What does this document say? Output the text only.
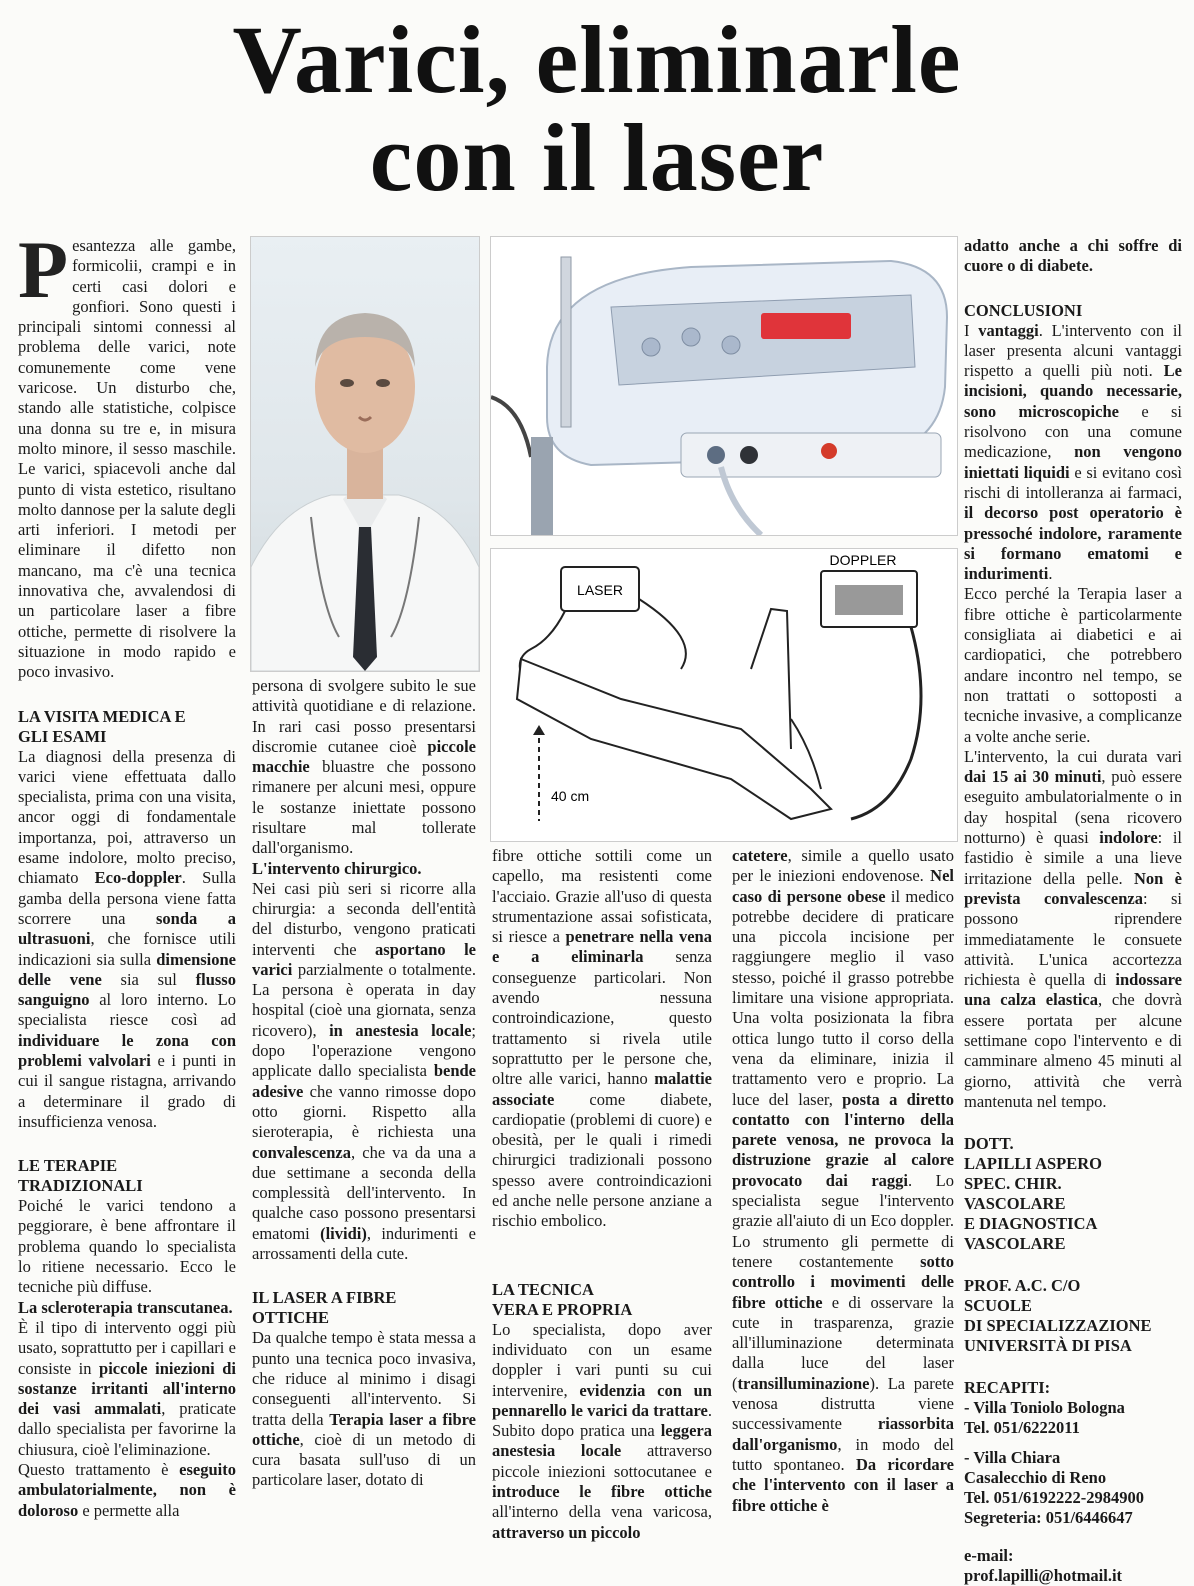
Varici, eliminarle
con il laser

Pesantezza alle gambe, formicolii, crampi e in certi casi dolori e gonfiori. Sono questi i principali sintomi connessi al problema delle varici, note comunemente come vene varicose. Un disturbo che, stando alle statistiche, colpisce una donna su tre e, in misura molto minore, il sesso maschile. Le varici, spiacevoli anche dal punto di vista estetico, risultano molto dannose per la salute degli arti inferiori. I metodi per eliminare il difetto non mancano, ma c'è una tecnica innovativa che, avvalendosi di un particolare laser a fibre ottiche, permette di risolvere la situazione in modo rapido e poco invasivo.

LA VISITA MEDICA E
GLI ESAMI

La diagnosi della presenza di varici viene effettuata dallo specialista, prima con una visita, ancor oggi di fondamentale importanza, poi, attraverso un esame indolore, molto preciso, chiamato Eco-doppler. Sulla gamba della persona viene fatta scorrere una sonda a ultrasuoni, che fornisce utili indicazioni sia sulla dimensione delle vene sia sul flusso sanguigno al loro interno. Lo specialista riesce così ad individuare le zona con problemi valvolari e i punti in cui il sangue ristagna, arrivando a determinare il grado di insufficienza venosa.

LE TERAPIE
TRADIZIONALI

Poiché le varici tendono a peggiorare, è bene affrontare il problema quando lo specialista lo ritiene necessario. Ecco le tecniche più diffuse.

La scleroterapia transcutanea.

È il tipo di intervento oggi più usato, soprattutto per i capillari e consiste in piccole iniezioni di sostanze irritanti all'interno dei vasi ammalati, praticate dallo specialista per favorirne la chiusura, cioè l'eliminazione.

Questo trattamento è eseguito ambulatorialmente, non è doloroso e permette alla

persona di svolgere subito le sue attività quotidiane e di relazione. In rari casi posso presentarsi discromie cutanee cioè piccole macchie bluastre che possono rimanere per alcuni mesi, oppure le sostanze iniettate possono risultare mal tollerate dall'organismo.

L'intervento chirurgico.

Nei casi più seri si ricorre alla chirurgia: a seconda dell'entità del disturbo, vengono praticati interventi che asportano le varici parzialmente o totalmente. La persona è operata in day hospital (cioè una giornata, senza ricovero), in anestesia locale; dopo l'operazione vengono applicate dallo specialista bende adesive che vanno rimosse dopo otto giorni. Rispetto alla sieroterapia, è richiesta una convalescenza, che va da una a due settimane a seconda della complessità dell'intervento. In qualche caso possono presentarsi ematomi (lividi), indurimenti e arrossamenti della cute.

IL LASER A FIBRE
OTTICHE

Da qualche tempo è stata messa a punto una tecnica poco invasiva, che riduce al minimo i disagi conseguenti all'intervento. Si tratta della Terapia laser a fibre ottiche, cioè di un metodo di cura basata sull'uso di un particolare laser, dotato di

LASER
DOPPLER
40 cm

fibre ottiche sottili come un capello, ma resistenti come l'acciaio. Grazie all'uso di questa strumentazione assai sofisticata, si riesce a penetrare nella vena e a eliminarla senza conseguenze particolari. Non avendo nessuna controindicazione, questo trattamento si rivela utile soprattutto per le persone che, oltre alle varici, hanno malattie associate come diabete, cardiopatie (problemi di cuore) e obesità, per le quali i rimedi chirurgici tradizionali possono spesso avere controindicazioni ed anche nelle persone anziane a rischio embolico.

LA TECNICA
VERA E PROPRIA

Lo specialista, dopo aver individuato con un esame doppler i vari punti su cui intervenire, evidenzia con un pennarello le varici da trattare. Subito dopo pratica una leggera anestesia locale attraverso piccole iniezioni sottocutanee e introduce le fibre ottiche all'interno della vena varicosa, attraverso un piccolo

catetere, simile a quello usato per le iniezioni endovenose. Nel caso di persone obese il medico potrebbe decidere di praticare una piccola incisione per raggiungere meglio il vaso stesso, poiché il grasso potrebbe limitare una visione appropriata. Una volta posizionata la fibra ottica lungo tutto il corso della vena da eliminare, inizia il trattamento vero e proprio. La luce del laser, posta a diretto contatto con l'interno della parete venosa, ne provoca la distruzione grazie al calore provocato dai raggi. Lo specialista segue l'intervento grazie all'aiuto di un Eco doppler.

Lo strumento gli permette di tenere costantemente sotto controllo i movimenti delle fibre ottiche e di osservare la cute in trasparenza, grazie all'illuminazione determinata dalla luce del laser (transilluminazione). La parete venosa distrutta viene successivamente riassorbita dall'organismo, in modo del tutto spontaneo. Da ricordare che l'intervento con il laser a fibre ottiche è

adatto anche a chi soffre di cuore o di diabete.

CONCLUSIONI

I vantaggi. L'intervento con il laser presenta alcuni vantaggi rispetto a quelli più noti. Le incisioni, quando necessarie, sono microscopiche e si risolvono con una comune medicazione, non vengono iniettati liquidi e si evitano così rischi di intolleranza ai farmaci, il decorso post operatorio è pressoché indolore, raramente si formano ematomi e indurimenti.

Ecco perché la Terapia laser a fibre ottiche è particolarmente consigliata ai diabetici e ai cardiopatici, che potrebbero andare incontro nel tempo, se non trattati o sottoposti a tecniche invasive, a complicanze a volte anche serie.

L'intervento, la cui durata vari dai 15 ai 30 minuti, può essere eseguito ambulatorialmente o in day hospital (sena ricovero notturno) è quasi indolore: il fastidio è simile a una lieve irritazione della pelle. Non è prevista convalescenza: si possono riprendere immediatamente le consuete attività. L'unica accortezza richiesta è quella di indossare una calza elastica, che dovrà essere portata per alcune settimane copo l'intervento e di camminare almeno 45 minuti al giorno, attività che verrà mantenuta nel tempo.

DOTT.
LAPILLI ASPERO
SPEC. CHIR.
VASCOLARE
E DIAGNOSTICA
VASCOLARE
PROF. A.C. C/O
SCUOLE
DI SPECIALIZZAZIONE
UNIVERSITÀ DI PISA
RECAPITI:
- Villa Toniolo Bologna
Tel. 051/6222011
- Villa Chiara
Casalecchio di Reno
Tel. 051/6192222-2984900
Segreteria: 051/6446647
e-mail:
prof.lapilli@hotmail.it
